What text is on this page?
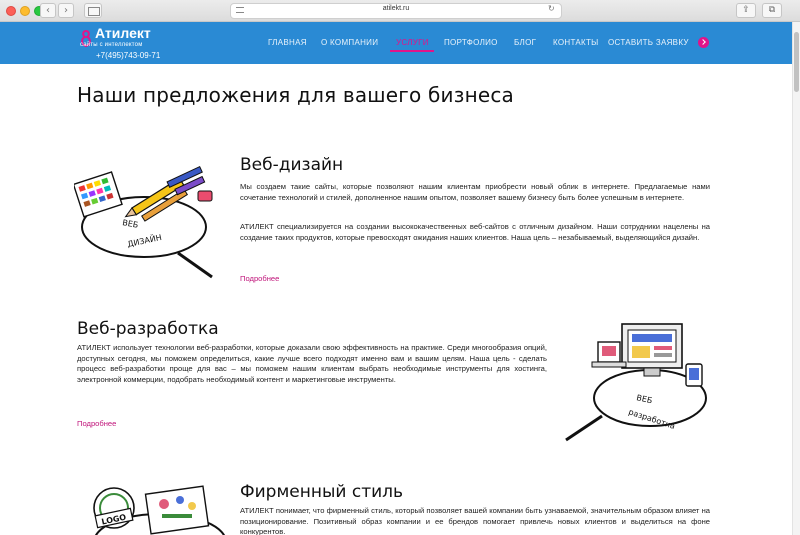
‹	›	atilekt.ru	↻	⇪	⧉
Атилект
сайты с интеллектом
+7(495)743-09-71
ГЛАВНАЯ О КОМПАНИИ УСЛУГИ ПОРТФОЛИО БЛОГ КОНТАКТЫ ОСТАВИТЬ ЗАЯВКУ
Наши предложения для вашего бизнеса
ВЕБ
ДИЗАЙН
Веб-дизайн
Мы создаем такие сайты, которые позволяют нашим клиентам приобрести новый облик в интернете. Предлагаемые нами сочетание технологий и стилей, дополненное нашим опытом, позволяет вашему бизнесу быть более успешным в интернете.
АТИЛЕКТ специализируется на создании высококачественных веб-сайтов с отличным дизайном. Наши сотрудники нацелены на создание таких продуктов, которые превосходят ожидания наших клиентов. Наша цель – незабываемый, выделяющийся дизайн.
Подробнее
Веб-разработка
АТИЛЕКТ использует технологии веб-разработки, которые доказали свою эффективность на практике. Среди многообразия опций, доступных сегодня, мы поможем определиться, какие лучше всего подходят именно вам и вашим целям. Наша цель - сделать процесс веб-разработки проще для вас – мы поможем нашим клиентам выбрать необходимые инструменты для хостинга, электронной коммерции, подобрать необходимый контент и маркетинговые инструменты.
Подробнее
ВЕБ
разработка
LOGO
Фирменный стиль
АТИЛЕКТ понимает, что фирменный стиль, который позволяет вашей компании быть узнаваемой, значительным образом влияет на позиционирование. Позитивный образ компании и ее брендов помогает привлечь новых клиентов и выделиться на фоне конкурентов.
